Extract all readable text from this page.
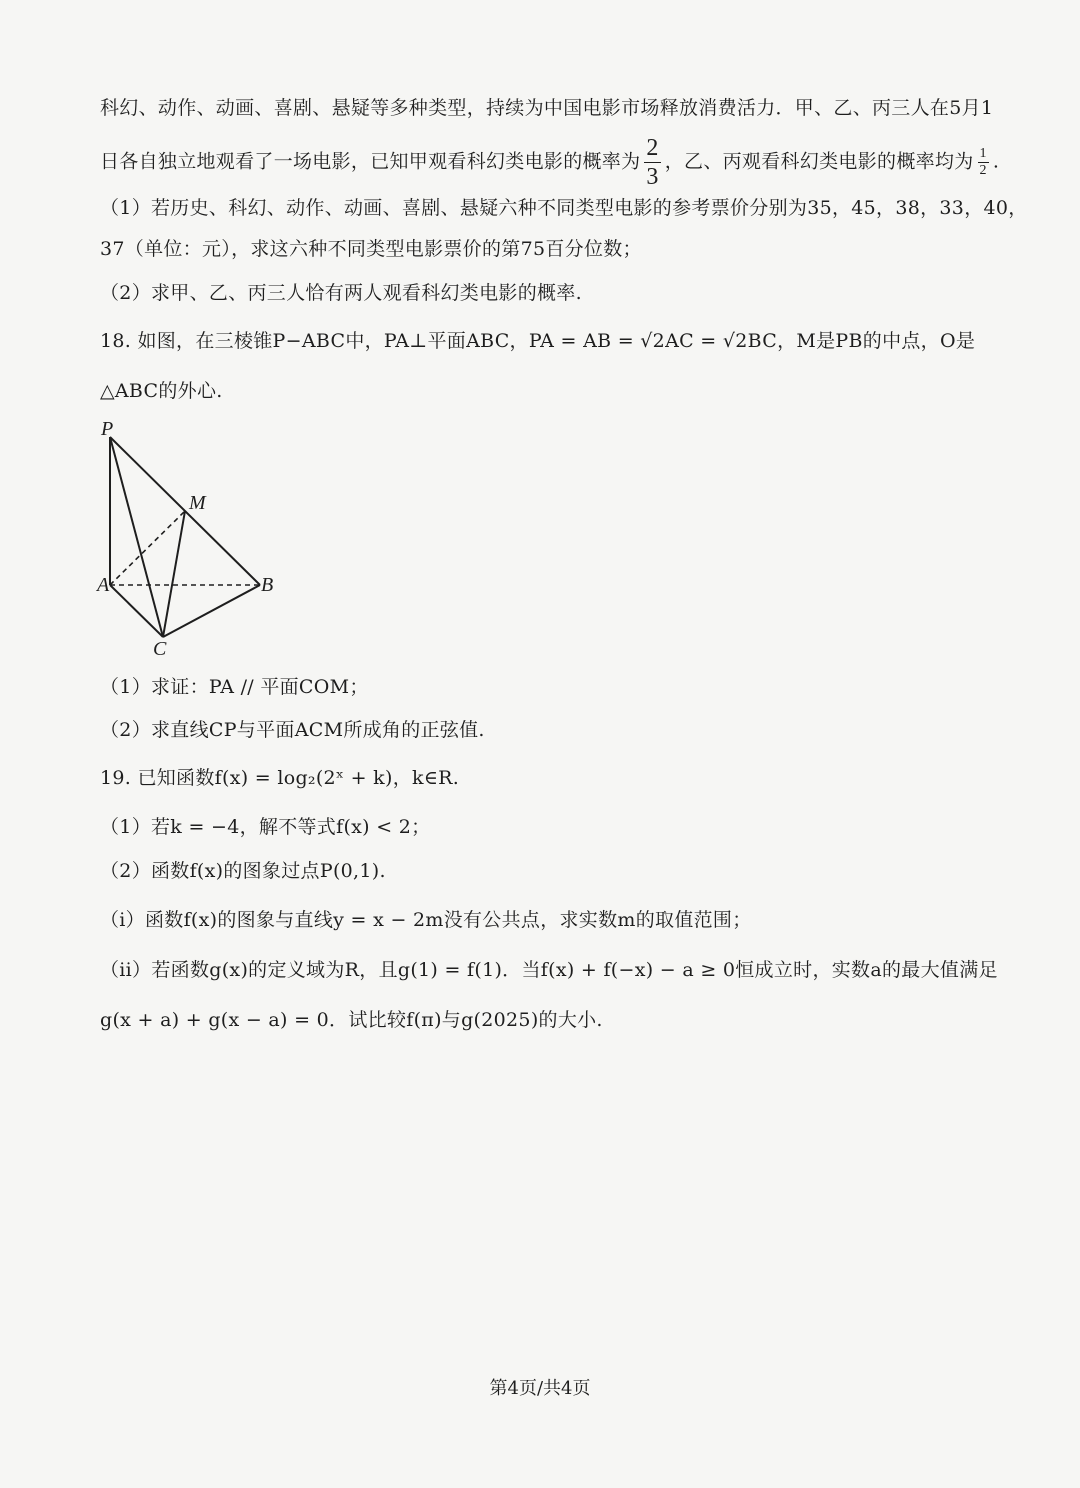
科幻、动作、动画、喜剧、悬疑等多种类型，持续为中国电影市场释放消费活力．甲、乙、丙三人在5月1
日各自独立地观看了一场电影，已知甲观看科幻类电影的概率为 $\frac{2}{3}$ ，乙、丙观看科幻类电影的概率均为 $\frac{1}{2}$ .
（1）若历史、科幻、动作、动画、喜剧、悬疑六种不同类型电影的参考票价分别为35，45，38，33，40，
37（单位：元），求这六种不同类型电影票价的第75百分位数；
（2）求甲、乙、丙三人恰有两人观看科幻类电影的概率.
18. 如图，在三棱锥P−ABC中，PA⊥平面ABC，PA = AB = √2AC = √2BC，M是PB的中点，O是
△ABC的外心.
P
M
A	B
C
（1）求证：PA // 平面COM；
（2）求直线CP与平面ACM所成角的正弦值.
19. 已知函数f(x) = log₂(2ˣ + k)，k∈R.
（1）若k = −4，解不等式f(x) < 2；
（2）函数f(x)的图象过点P(0,1).
（i）函数f(x)的图象与直线y = x − 2m没有公共点，求实数m的取值范围；
（ii）若函数g(x)的定义域为R，且g(1) = f(1)．当f(x) + f(−x) − a ≥ 0恒成立时，实数a的最大值满足
g(x + a) + g(x − a) = 0．试比较f(π)与g(2025)的大小.
第4页/共4页
